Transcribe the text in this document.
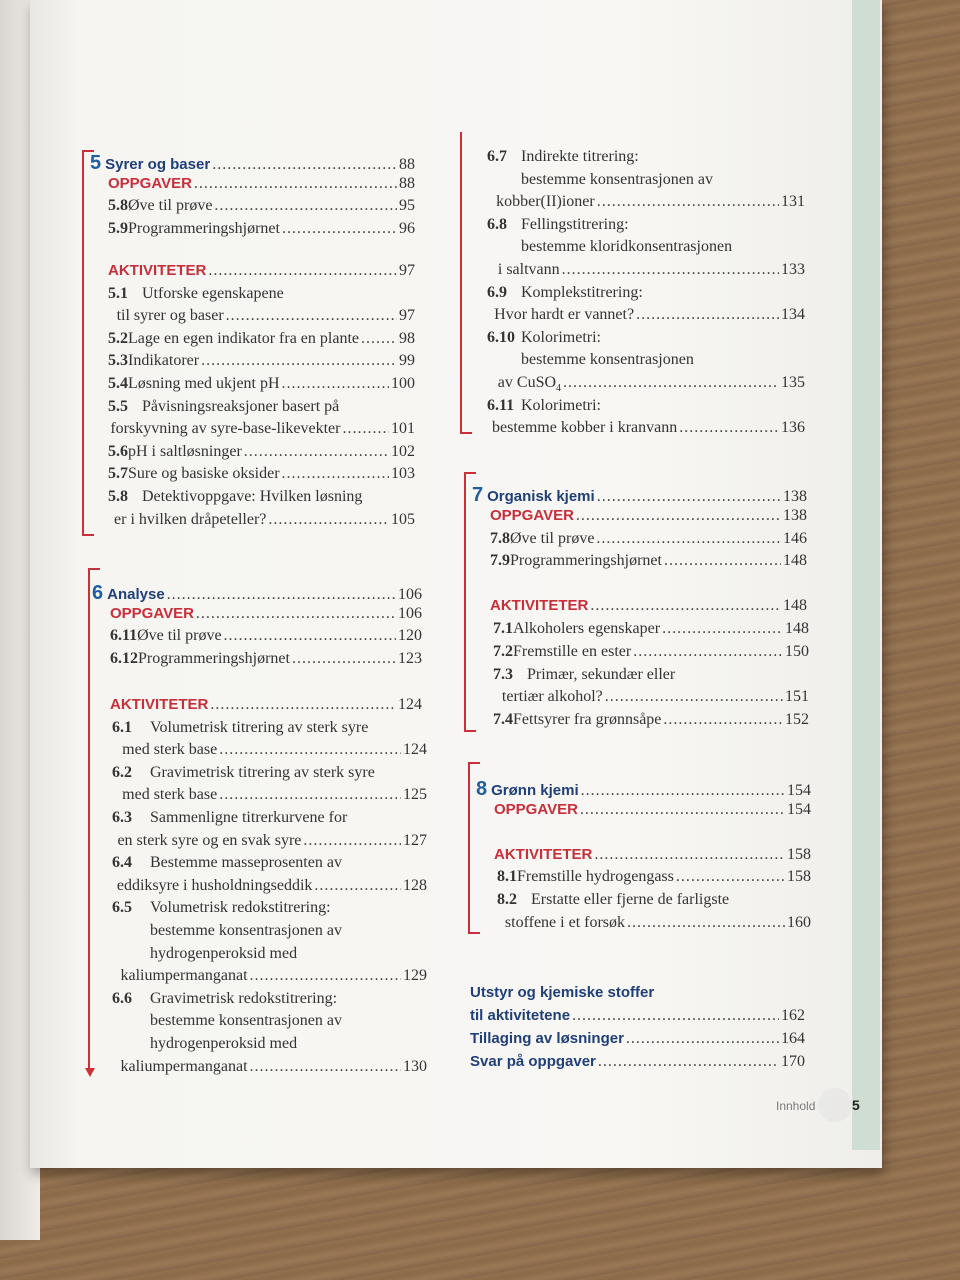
Innhold	5
5 Syrer og baser .....	88
OPPGAVER .....	88
5.8 Øve til prøve .....	95
5.9 Programmeringshjørnet .....	96
AKTIVITETER .....	97
5.1 Utforske egenskapene
til syrer og baser .....	97
5.2 Lage en egen indikator fra en plante .....	98
5.3 Indikatorer .....	99
5.4 Løsning med ukjent pH .....	100
5.5 Påvisningsreaksjoner basert på
forskyvning av syre-base-likevekter .....	101
5.6 pH i saltløsninger .....	102
5.7 Sure og basiske oksider .....	103
5.8 Detektivoppgave: Hvilken løsning
er i hvilken dråpeteller? .....	105
6 Analyse .....	106
OPPGAVER .....	106
6.11 Øve til prøve .....	120
6.12 Programmeringshjørnet .....	123
AKTIVITETER .....	124
6.1	Volumetrisk titrering av sterk syre
med sterk base .....	124
6.2	Gravimetrisk titrering av sterk syre
med sterk base .....	125
6.3	Sammenligne titrerkurvene for
en sterk syre og en svak syre .....	127
6.4	Bestemme masseprosenten av
eddiksyre i husholdningseddik .....	128
6.5	Volumetrisk redokstitrering:
bestemme konsentrasjonen av
hydrogenperoksid med
kaliumpermanganat .....	129
6.6	Gravimetrisk redokstitrering:
bestemme konsentrasjonen av
hydrogenperoksid med
kaliumpermanganat .....	130
6.7 Indirekte titrering:
bestemme konsentrasjonen av
kobber(II)ioner .....	131
6.8 Fellingstitrering:
bestemme kloridkonsentrasjonen
i saltvann .....	133
6.9 Komplekstitrering:
Hvor hardt er vannet? .....	134
6.10 Kolorimetri:
bestemme konsentrasjonen
av CuSO$_4$ .....	135
6.11 Kolorimetri:
bestemme kobber i kranvann .....	136
7 Organisk kjemi .....	138
OPPGAVER .....	138
7.8 Øve til prøve .....	146
7.9 Programmeringshjørnet .....	148
AKTIVITETER .....	148
7.1 Alkoholers egenskaper .....	148
7.2 Fremstille en ester .....	150
7.3 Primær, sekundær eller
tertiær alkohol? .....	151
7.4 Fettsyrer fra grønnsåpe .....	152
8 Grønn kjemi .....	154
OPPGAVER .....	154
AKTIVITETER .....	158
8.1 Fremstille hydrogengass .....	158
8.2 Erstatte eller fjerne de farligste
stoffene i et forsøk .....	160
Utstyr og kjemiske stoffer
til aktivitetene .....	162
Tillaging av løsninger .....	164
Svar på oppgaver .....	170
